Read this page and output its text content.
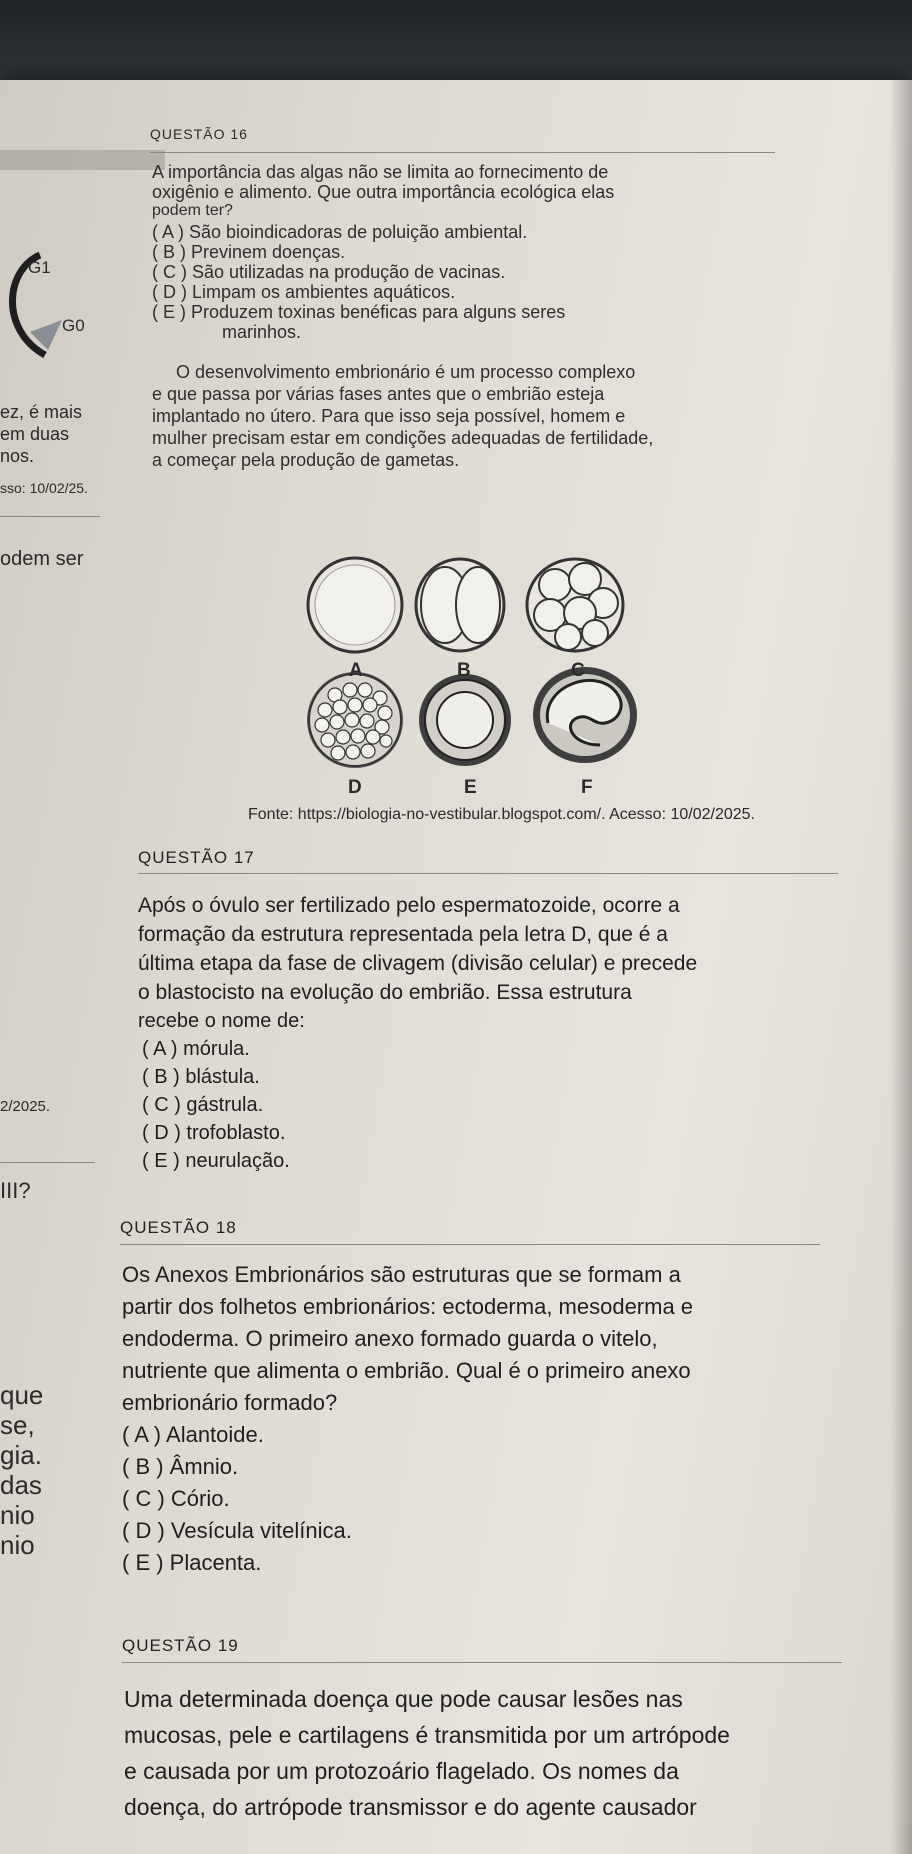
G1
G0
ez, é mais
em duas
nos.
sso: 10/02/25.
odem ser
2/2025.
III?
que
se,
gia.
das
nio
nio
QUESTÃO 16
A importância das algas não se limita ao fornecimento de
oxigênio e alimento. Que outra importância ecológica elas
podem ter?
( A ) São bioindicadoras de poluição ambiental.
( B ) Previnem doenças.
( C ) São utilizadas na produção de vacinas.
( D ) Limpam os ambientes aquáticos.
( E ) Produzem toxinas benéficas para alguns seres
marinhos.
O desenvolvimento embrionário é um processo complexo
e que passa por várias fases antes que o embrião esteja
implantado no útero. Para que isso seja possível, homem e
mulher precisam estar em condições adequadas de fertilidade,
a começar pela produção de gametas.
A	B	C
D	E	F
Fonte: https://biologia-no-vestibular.blogspot.com/. Acesso: 10/02/2025.
QUESTÃO 17
Após o óvulo ser fertilizado pelo espermatozoide, ocorre a
formação da estrutura representada pela letra D, que é a
última etapa da fase de clivagem (divisão celular) e precede
o blastocisto na evolução do embrião. Essa estrutura
recebe o nome de:
( A ) mórula.
( B ) blástula.
( C ) gástrula.
( D ) trofoblasto.
( E ) neurulação.
QUESTÃO 18
Os Anexos Embrionários são estruturas que se formam a
partir dos folhetos embrionários: ectoderma, mesoderma e
endoderma. O primeiro anexo formado guarda o vitelo,
nutriente que alimenta o embrião. Qual é o primeiro anexo
embrionário formado?
( A ) Alantoide.
( B ) Âmnio.
( C ) Cório.
( D ) Vesícula vitelínica.
( E ) Placenta.
QUESTÃO 19
Uma determinada doença que pode causar lesões nas
mucosas, pele e cartilagens é transmitida por um artrópode
e causada por um protozoário flagelado. Os nomes da
doença, do artrópode transmissor e do agente causador
